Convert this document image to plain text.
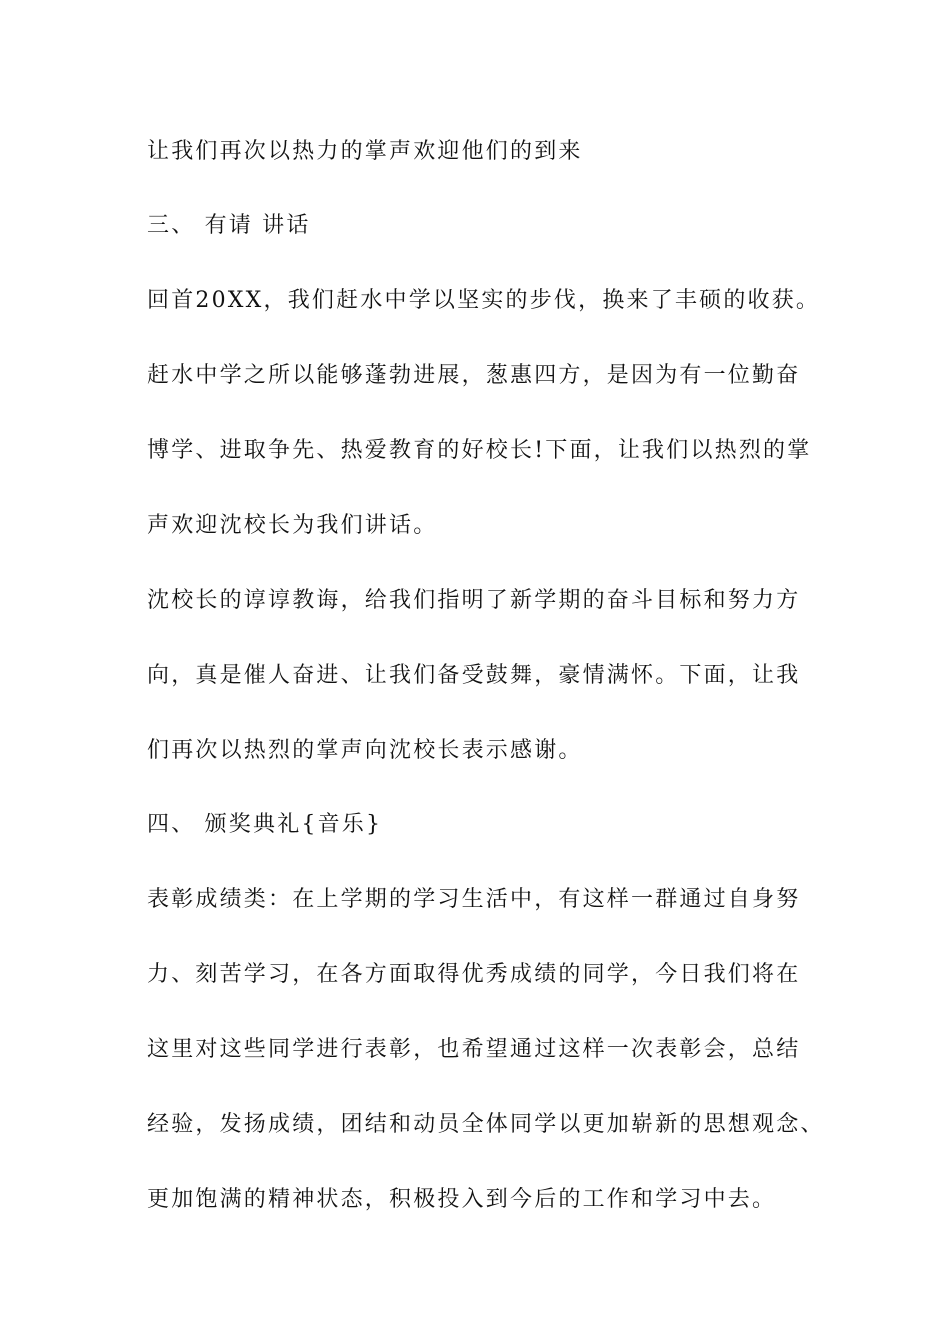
让我们再次以热力的掌声欢迎他们的到来
三、 有请 讲话
回首20XX，我们赶水中学以坚实的步伐，换来了丰硕的收获。
赶水中学之所以能够蓬勃进展，葱惠四方，是因为有一位勤奋
博学、进取争先、热爱教育的好校长!下面，让我们以热烈的掌
声欢迎沈校长为我们讲话。
沈校长的谆谆教诲，给我们指明了新学期的奋斗目标和努力方
向，真是催人奋进、让我们备受鼓舞，豪情满怀。下面，让我
们再次以热烈的掌声向沈校长表示感谢。
四、 颁奖典礼{音乐}
表彰成绩类：在上学期的学习生活中，有这样一群通过自身努
力、刻苦学习，在各方面取得优秀成绩的同学，今日我们将在
这里对这些同学进行表彰，也希望通过这样一次表彰会，总结
经验，发扬成绩，团结和动员全体同学以更加崭新的思想观念、
更加饱满的精神状态，积极投入到今后的工作和学习中去。
